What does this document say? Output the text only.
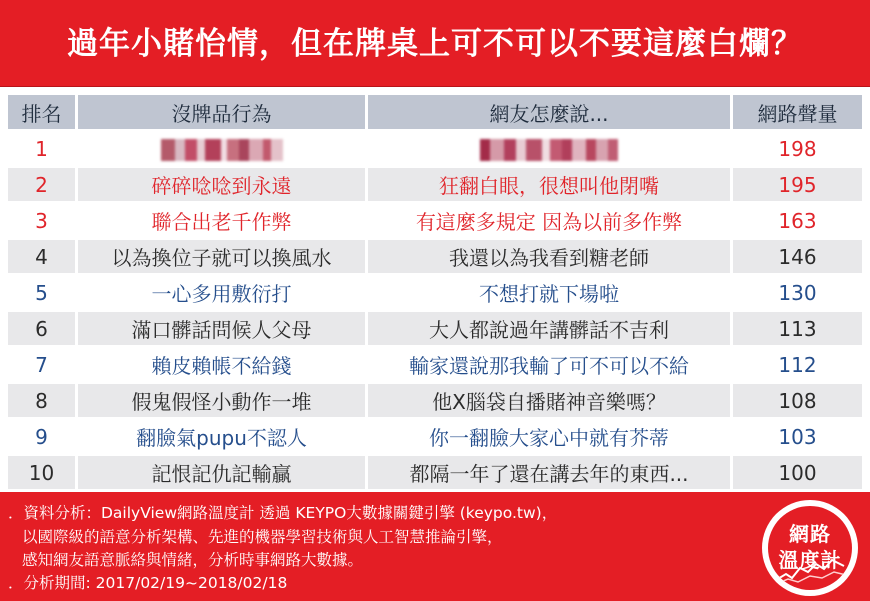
過年小賭怡情，但在牌桌上可不可以不要這麼白爛？
排名	沒牌品行為	網友怎麼說...	網路聲量
1			198
2	碎碎唸唸到永遠	狂翻白眼，很想叫他閉嘴	195
3	聯合出老千作弊	有這麼多規定 因為以前多作弊	163
4	以為換位子就可以換風水	我還以為我看到糖老師	146
5	一心多用敷衍打	不想打就下場啦	130
6	滿口髒話問候人父母	大人都說過年講髒話不吉利	113
7	賴皮賴帳不給錢	輸家還說那我輸了可不可以不給	112
8	假鬼假怪小動作一堆	他X腦袋自播賭神音樂嗎？	108
9	翻臉氣pupu不認人	你一翻臉大家心中就有芥蒂	103
10	記恨記仇記輸贏	都隔一年了還在講去年的東西...	100
．資料分析：DailyView網路溫度計 透過 KEYPO大數據關鍵引擎 (keypo.tw)，
以國際級的語意分析架構、先進的機器學習技術與人工智慧推論引擎，
感知網友語意脈絡與情緒，分析時事網路大數據。
．分析期間: 2017/02/19~2018/02/18
網路
溫度計
